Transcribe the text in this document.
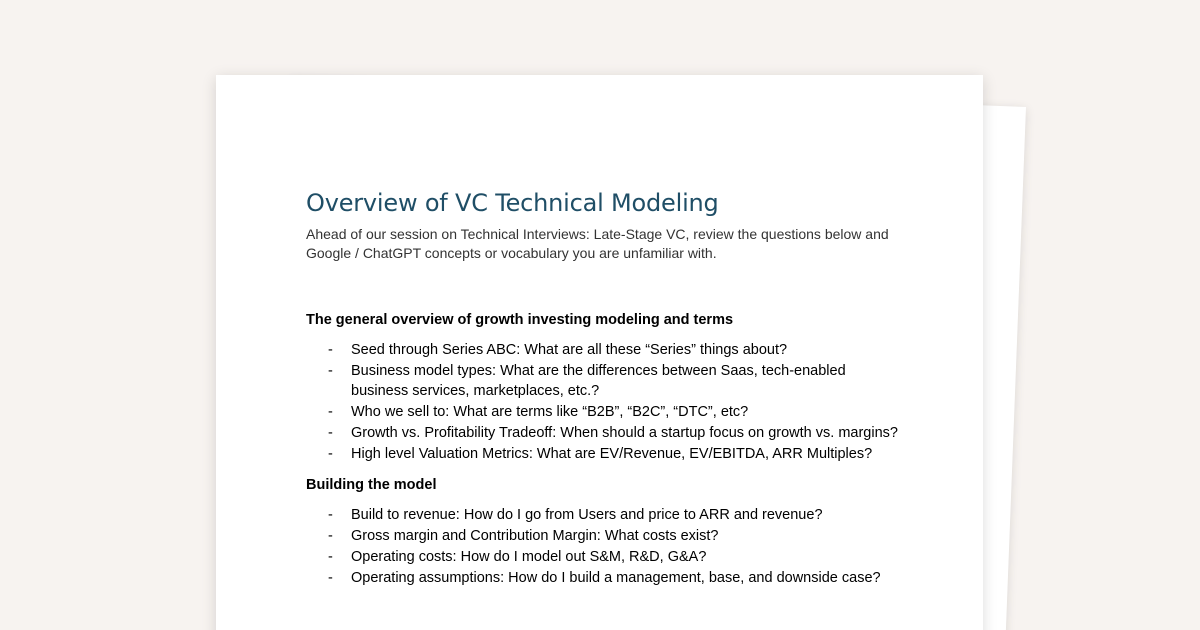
Overview of VC Technical Modeling

Ahead of our session on Technical Interviews: Late-Stage VC, review the questions below and Google / ChatGPT concepts or vocabulary you are unfamiliar with.

The general overview of growth investing modeling and terms
- Seed through Series ABC: What are all these “Series” things about?
- Business model types: What are the differences between Saas, tech-enabled business services, marketplaces, etc.?
- Who we sell to: What are terms like “B2B”, “B2C”, “DTC”, etc?
- Growth vs. Profitability Tradeoff: When should a startup focus on growth vs. margins?
- High level Valuation Metrics: What are EV/Revenue, EV/EBITDA, ARR Multiples?
Building the model
- Build to revenue: How do I go from Users and price to ARR and revenue?
- Gross margin and Contribution Margin: What costs exist?
- Operating costs: How do I model out S&M, R&D, G&A?
- Operating assumptions: How do I build a management, base, and downside case?
